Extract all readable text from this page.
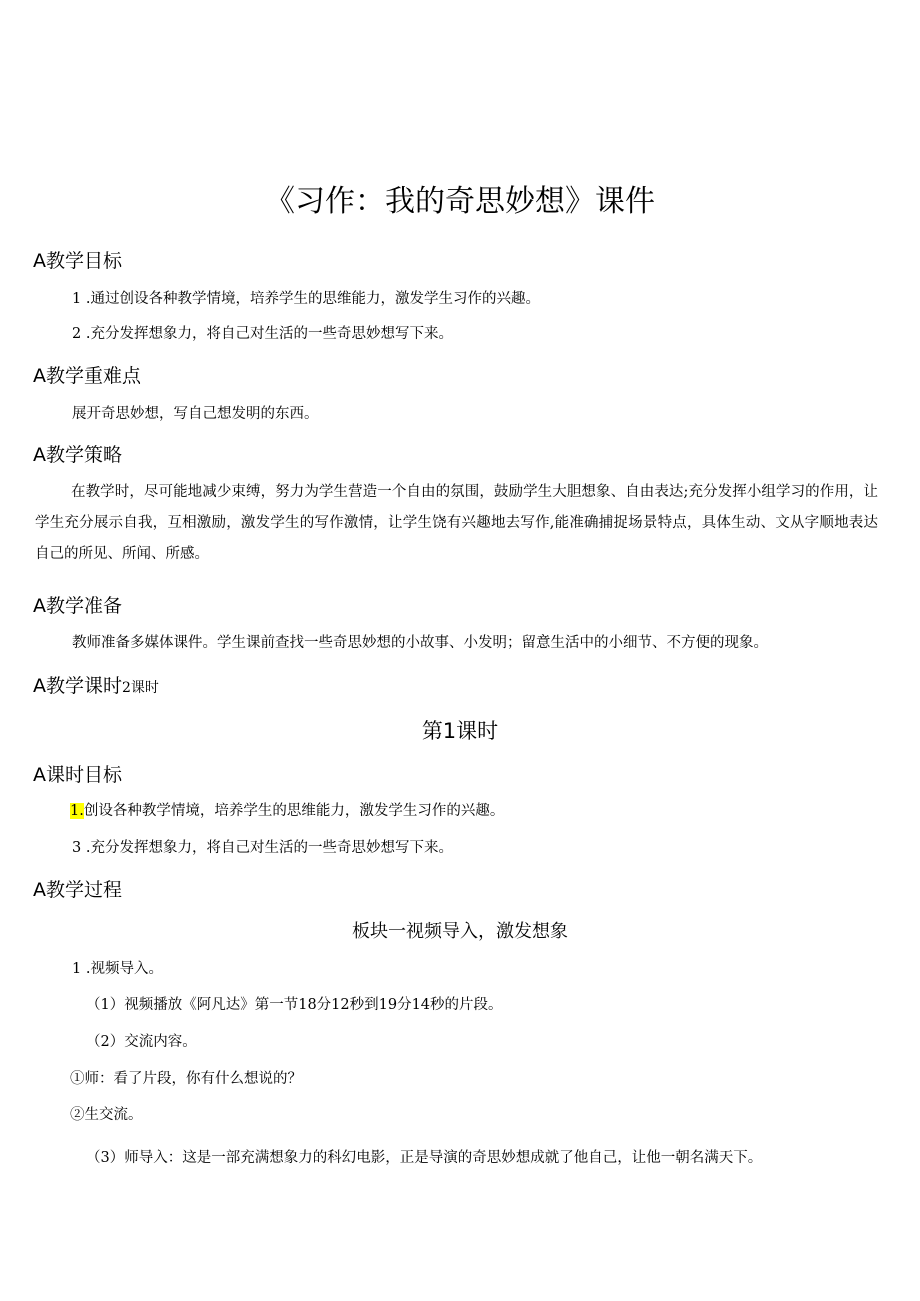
《习作：我的奇思妙想》课件
A教学目标
1 .通过创设各种教学情境，培养学生的思维能力，激发学生习作的兴趣。
2 .充分发挥想象力，将自己对生活的一些奇思妙想写下来。
A教学重难点
展开奇思妙想，写自己想发明的东西。
A教学策略
在教学时，尽可能地减少束缚，努力为学生营造一个自由的氛围，鼓励学生大胆想象、自由表达;充分发挥小组学习的作用，让学生充分展示自我，互相激励，激发学生的写作激情，让学生饶有兴趣地去写作,能准确捕捉场景特点，具体生动、文从字顺地表达自己的所见、所闻、所感。
A教学准备
教师准备多媒体课件。学生课前查找一些奇思妙想的小故事、小发明；留意生活中的小细节、不方便的现象。
A教学课时2课时
第1课时
A课时目标
1.创设各种教学情境，培养学生的思维能力，激发学生习作的兴趣。
3 .充分发挥想象力，将自己对生活的一些奇思妙想写下来。
A教学过程
板块一视频导入，激发想象
1 .视频导入。
（1）视频播放《阿凡达》第一节18分12秒到19分14秒的片段。
（2）交流内容。
①师：看了片段，你有什么想说的？
②生交流。
（3）师导入：这是一部充满想象力的科幻电影，正是导演的奇思妙想成就了他自己，让他一朝名满天下。
